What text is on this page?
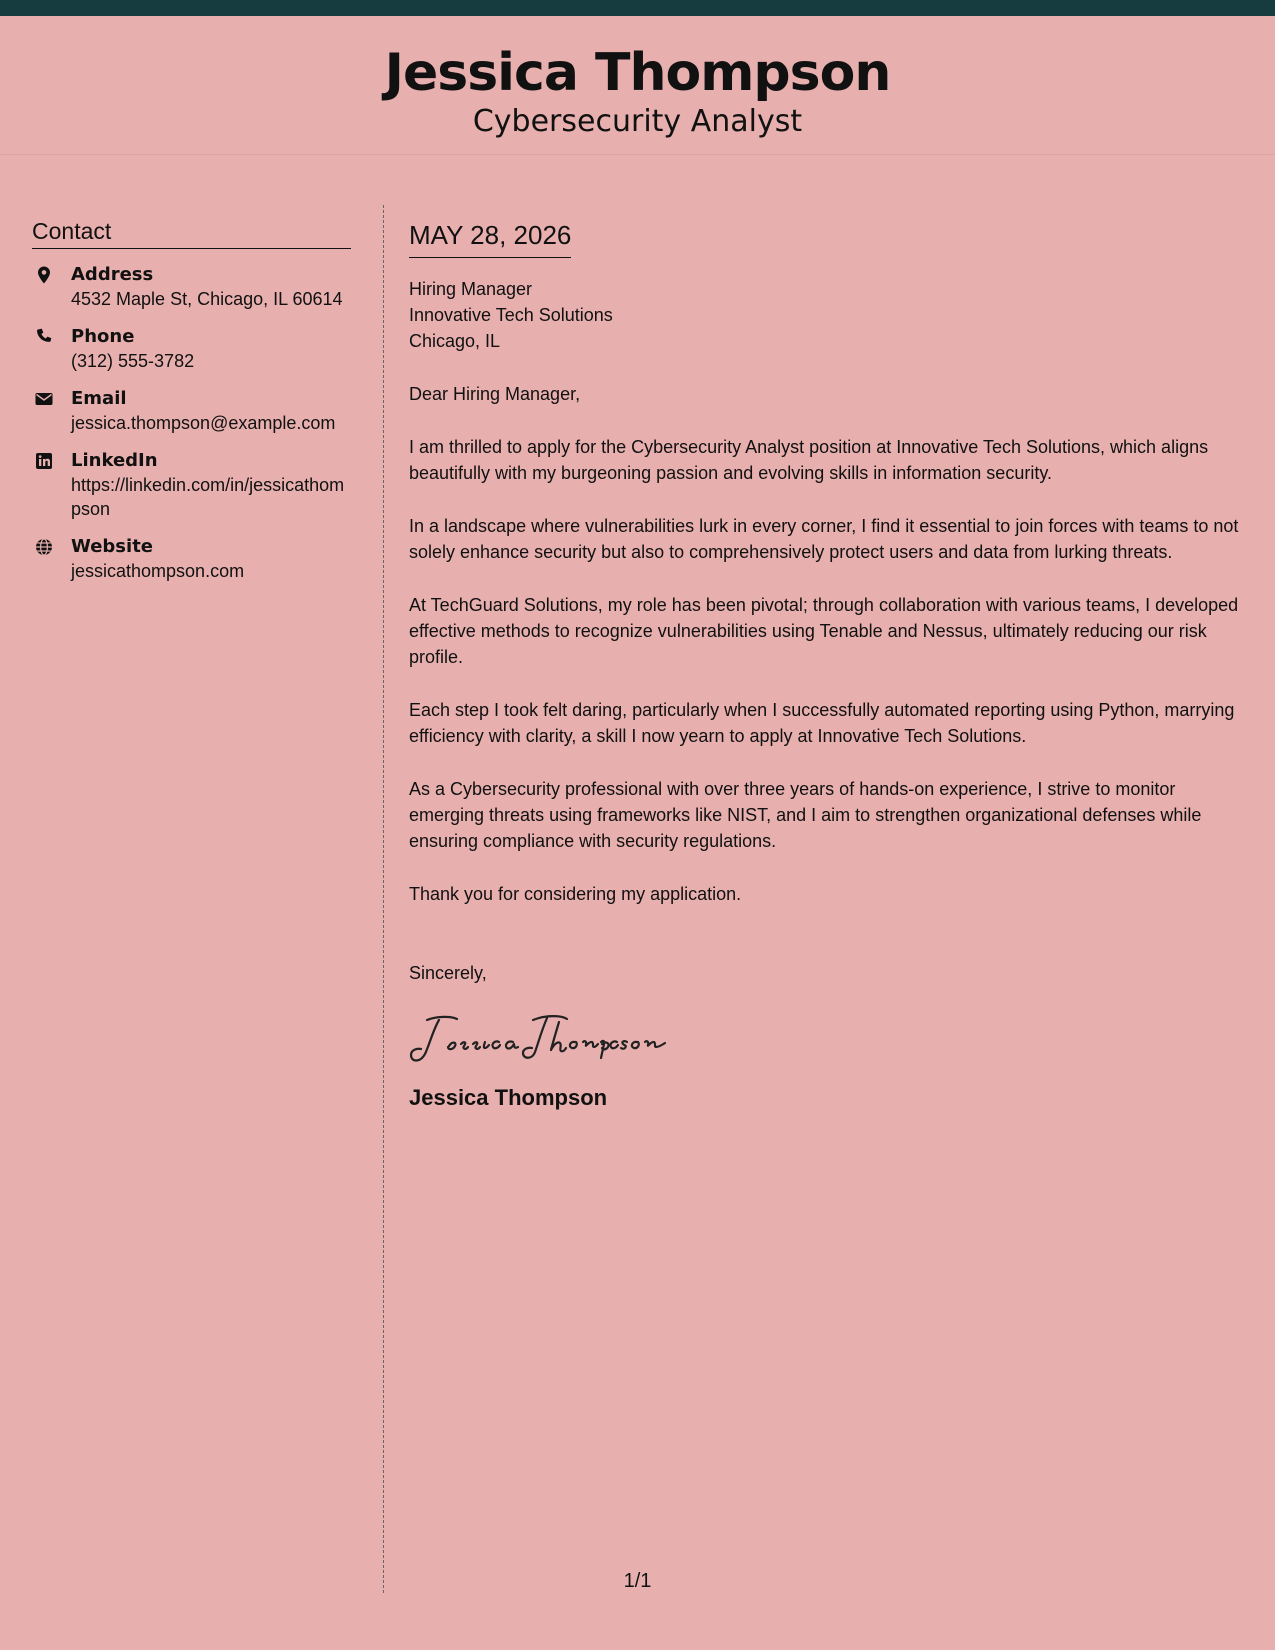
Jessica Thompson
Cybersecurity Analyst
Contact
Address
4532 Maple St, Chicago, IL 60614
Phone
(312) 555-3782
Email
jessica.thompson@example.com
LinkedIn
https://linkedin.com/in/jessicathompson
Website
jessicathompson.com
MAY 28, 2026
Hiring Manager
Innovative Tech Solutions
Chicago, IL

Dear Hiring Manager,

I am thrilled to apply for the Cybersecurity Analyst position at Innovative Tech Solutions, which aligns beautifully with my burgeoning passion and evolving skills in information security.

In a landscape where vulnerabilities lurk in every corner, I find it essential to join forces with teams to not solely enhance security but also to comprehensively protect users and data from lurking threats.

At TechGuard Solutions, my role has been pivotal; through collaboration with various teams, I developed effective methods to recognize vulnerabilities using Tenable and Nessus, ultimately reducing our risk profile.

Each step I took felt daring, particularly when I successfully automated reporting using Python, marrying efficiency with clarity, a skill I now yearn to apply at Innovative Tech Solutions.

As a Cybersecurity professional with over three years of hands-on experience, I strive to monitor emerging threats using frameworks like NIST, and I aim to strengthen organizational defenses while ensuring compliance with security regulations.

Thank you for considering my application.

Sincerely,
Jessica Thompson
1/1
